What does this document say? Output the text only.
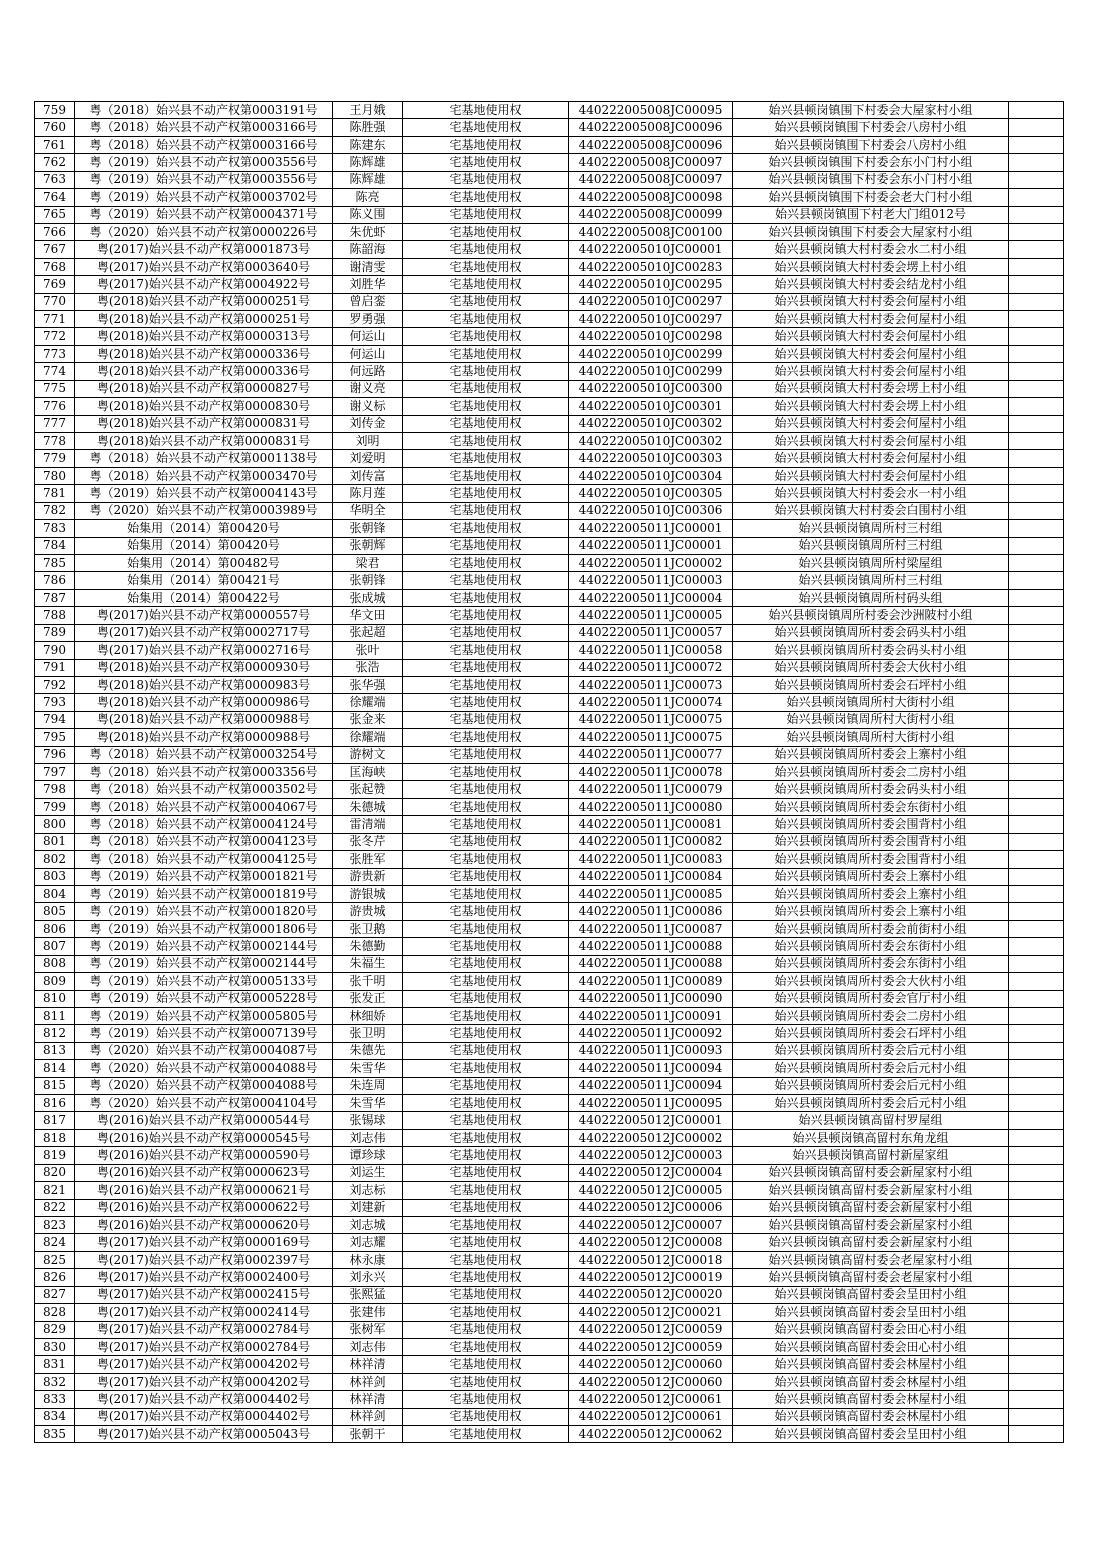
759	粤（2018）始兴县不动产权第0003191号	王月娥	宅基地使用权	440222005008JC00095	始兴县顿岗镇围下村委会大屋家村小组	
760	粤（2018）始兴县不动产权第0003166号	陈胜强	宅基地使用权	440222005008JC00096	始兴县顿岗镇围下村委会八房村小组	
761	粤（2018）始兴县不动产权第0003166号	陈建东	宅基地使用权	440222005008JC00096	始兴县顿岗镇围下村委会八房村小组	
762	粤（2019）始兴县不动产权第0003556号	陈辉雄	宅基地使用权	440222005008JC00097	始兴县顿岗镇围下村委会东小门村小组	
763	粤（2019）始兴县不动产权第0003556号	陈辉雄	宅基地使用权	440222005008JC00097	始兴县顿岗镇围下村委会东小门村小组	
764	粤（2019）始兴县不动产权第0003702号	陈亮	宅基地使用权	440222005008JC00098	始兴县顿岗镇围下村委会老大门村小组	
765	粤（2019）始兴县不动产权第0004371号	陈义围	宅基地使用权	440222005008JC00099	始兴县顿岗镇围下村老大门组012号	
766	粤（2020）始兴县不动产权第0000226号	朱优虾	宅基地使用权	440222005008JC00100	始兴县顿岗镇围下村委会大屋家村小组	
767	粤(2017)始兴县不动产权第0001873号	陈韶海	宅基地使用权	440222005010JC00001	始兴县顿岗镇大村村委会水二村小组	
768	粤(2017)始兴县不动产权第0003640号	谢清雯	宅基地使用权	440222005010JC00283	始兴县顿岗镇大村村委会塄上村小组	
769	粤(2017)始兴县不动产权第0004922号	刘胜华	宅基地使用权	440222005010JC00295	始兴县顿岗镇大村村委会结龙村小组	
770	粤(2018)始兴县不动产权第0000251号	曾启銮	宅基地使用权	440222005010JC00297	始兴县顿岗镇大村村委会何屋村小组	
771	粤(2018)始兴县不动产权第0000251号	罗勇强	宅基地使用权	440222005010JC00297	始兴县顿岗镇大村村委会何屋村小组	
772	粤(2018)始兴县不动产权第0000313号	何运山	宅基地使用权	440222005010JC00298	始兴县顿岗镇大村村委会何屋村小组	
773	粤(2018)始兴县不动产权第0000336号	何运山	宅基地使用权	440222005010JC00299	始兴县顿岗镇大村村委会何屋村小组	
774	粤(2018)始兴县不动产权第0000336号	何远路	宅基地使用权	440222005010JC00299	始兴县顿岗镇大村村委会何屋村小组	
775	粤(2018)始兴县不动产权第0000827号	谢义亮	宅基地使用权	440222005010JC00300	始兴县顿岗镇大村村委会塄上村小组	
776	粤(2018)始兴县不动产权第0000830号	谢义标	宅基地使用权	440222005010JC00301	始兴县顿岗镇大村村委会塄上村小组	
777	粤(2018)始兴县不动产权第0000831号	刘传金	宅基地使用权	440222005010JC00302	始兴县顿岗镇大村村委会何屋村小组	
778	粤(2018)始兴县不动产权第0000831号	刘明	宅基地使用权	440222005010JC00302	始兴县顿岗镇大村村委会何屋村小组	
779	粤（2018）始兴县不动产权第0001138号	刘爱明	宅基地使用权	440222005010JC00303	始兴县顿岗镇大村村委会何屋村小组	
780	粤（2018）始兴县不动产权第0003470号	刘传富	宅基地使用权	440222005010JC00304	始兴县顿岗镇大村村委会何屋村小组	
781	粤（2019）始兴县不动产权第0004143号	陈月莲	宅基地使用权	440222005010JC00305	始兴县顿岗镇大村村委会水一村小组	
782	粤（2020）始兴县不动产权第0003989号	华明全	宅基地使用权	440222005010JC00306	始兴县顿岗镇大村村委会白围村小组	
783	始集用（2014）第00420号	张朝锋	宅基地使用权	440222005011JC00001	始兴县顿岗镇周所村三村组	
784	始集用（2014）第00420号	张朝辉	宅基地使用权	440222005011JC00001	始兴县顿岗镇周所村三村组	
785	始集用（2014）第00482号	梁君	宅基地使用权	440222005011JC00002	始兴县顿岗镇周所村梁屋组	
786	始集用（2014）第00421号	张朝锋	宅基地使用权	440222005011JC00003	始兴县顿岗镇周所村三村组	
787	始集用（2014）第00422号	张成城	宅基地使用权	440222005011JC00004	始兴县顿岗镇周所村码头组	
788	粤(2017)始兴县不动产权第0000557号	华文田	宅基地使用权	440222005011JC00005	始兴县顿岗镇周所村委会沙洲陂村小组	
789	粤(2017)始兴县不动产权第0002717号	张起超	宅基地使用权	440222005011JC00057	始兴县顿岗镇周所村委会码头村小组	
790	粤(2017)始兴县不动产权第0002716号	张叶	宅基地使用权	440222005011JC00058	始兴县顿岗镇周所村委会码头村小组	
791	粤(2018)始兴县不动产权第0000930号	张浩	宅基地使用权	440222005011JC00072	始兴县顿岗镇周所村委会大伙村小组	
792	粤(2018)始兴县不动产权第0000983号	张华强	宅基地使用权	440222005011JC00073	始兴县顿岗镇周所村委会石坪村小组	
793	粤(2018)始兴县不动产权第0000986号	徐耀端	宅基地使用权	440222005011JC00074	始兴县顿岗镇周所村大街村小组	
794	粤(2018)始兴县不动产权第0000988号	张金来	宅基地使用权	440222005011JC00075	始兴县顿岗镇周所村大街村小组	
795	粤(2018)始兴县不动产权第0000988号	徐耀端	宅基地使用权	440222005011JC00075	始兴县顿岗镇周所村大街村小组	
796	粤（2018）始兴县不动产权第0003254号	游树文	宅基地使用权	440222005011JC00077	始兴县顿岗镇周所村委会上寨村小组	
797	粤（2018）始兴县不动产权第0003356号	匡海峡	宅基地使用权	440222005011JC00078	始兴县顿岗镇周所村委会二房村小组	
798	粤（2018）始兴县不动产权第0003502号	张起赞	宅基地使用权	440222005011JC00079	始兴县顿岗镇周所村委会码头村小组	
799	粤（2018）始兴县不动产权第0004067号	朱德城	宅基地使用权	440222005011JC00080	始兴县顿岗镇周所村委会东街村小组	
800	粤（2018）始兴县不动产权第0004124号	雷清端	宅基地使用权	440222005011JC00081	始兴县顿岗镇周所村委会围背村小组	
801	粤（2018）始兴县不动产权第0004123号	张冬芹	宅基地使用权	440222005011JC00082	始兴县顿岗镇周所村委会围背村小组	
802	粤（2018）始兴县不动产权第0004125号	张胜军	宅基地使用权	440222005011JC00083	始兴县顿岗镇周所村委会围背村小组	
803	粤（2019）始兴县不动产权第0001821号	游贵新	宅基地使用权	440222005011JC00084	始兴县顿岗镇周所村委会上寨村小组	
804	粤（2019）始兴县不动产权第0001819号	游银城	宅基地使用权	440222005011JC00085	始兴县顿岗镇周所村委会上寨村小组	
805	粤（2019）始兴县不动产权第0001820号	游贵城	宅基地使用权	440222005011JC00086	始兴县顿岗镇周所村委会上寨村小组	
806	粤（2019）始兴县不动产权第0001806号	张卫鹅	宅基地使用权	440222005011JC00087	始兴县顿岗镇周所村委会前街村小组	
807	粤（2019）始兴县不动产权第0002144号	朱德勤	宅基地使用权	440222005011JC00088	始兴县顿岗镇周所村委会东街村小组	
808	粤（2019）始兴县不动产权第0002144号	朱福生	宅基地使用权	440222005011JC00088	始兴县顿岗镇周所村委会东街村小组	
809	粤（2019）始兴县不动产权第0005133号	张千明	宅基地使用权	440222005011JC00089	始兴县顿岗镇周所村委会大伙村小组	
810	粤（2019）始兴县不动产权第0005228号	张发正	宅基地使用权	440222005011JC00090	始兴县顿岗镇周所村委会官厅村小组	
811	粤（2019）始兴县不动产权第0005805号	林细娇	宅基地使用权	440222005011JC00091	始兴县顿岗镇周所村委会二房村小组	
812	粤（2019）始兴县不动产权第0007139号	张卫明	宅基地使用权	440222005011JC00092	始兴县顿岗镇周所村委会石坪村小组	
813	粤（2020）始兴县不动产权第0004087号	朱德先	宅基地使用权	440222005011JC00093	始兴县顿岗镇周所村委会后元村小组	
814	粤（2020）始兴县不动产权第0004088号	朱雪华	宅基地使用权	440222005011JC00094	始兴县顿岗镇周所村委会后元村小组	
815	粤（2020）始兴县不动产权第0004088号	朱连周	宅基地使用权	440222005011JC00094	始兴县顿岗镇周所村委会后元村小组	
816	粤（2020）始兴县不动产权第0004104号	朱雪华	宅基地使用权	440222005011JC00095	始兴县顿岗镇周所村委会后元村小组	
817	粤(2016)始兴县不动产权第0000544号	张锡球	宅基地使用权	440222005012JC00001	始兴县顿岗镇高留村罗屋组	
818	粤(2016)始兴县不动产权第0000545号	刘志伟	宅基地使用权	440222005012JC00002	始兴县顿岗镇高留村东角龙组	
819	粤(2016)始兴县不动产权第0000590号	谭珍球	宅基地使用权	440222005012JC00003	始兴县顿岗镇高留村新屋家组	
820	粤(2016)始兴县不动产权第0000623号	刘运生	宅基地使用权	440222005012JC00004	始兴县顿岗镇高留村委会新屋家村小组	
821	粤(2016)始兴县不动产权第0000621号	刘志标	宅基地使用权	440222005012JC00005	始兴县顿岗镇高留村委会新屋家村小组	
822	粤(2016)始兴县不动产权第0000622号	刘建新	宅基地使用权	440222005012JC00006	始兴县顿岗镇高留村委会新屋家村小组	
823	粤(2016)始兴县不动产权第0000620号	刘志城	宅基地使用权	440222005012JC00007	始兴县顿岗镇高留村委会新屋家村小组	
824	粤(2017)始兴县不动产权第0000169号	刘志耀	宅基地使用权	440222005012JC00008	始兴县顿岗镇高留村委会新屋家村小组	
825	粤(2017)始兴县不动产权第0002397号	林永康	宅基地使用权	440222005012JC00018	始兴县顿岗镇高留村委会老屋家村小组	
826	粤(2017)始兴县不动产权第0002400号	刘永兴	宅基地使用权	440222005012JC00019	始兴县顿岗镇高留村委会老屋家村小组	
827	粤(2017)始兴县不动产权第0002415号	张熙猛	宅基地使用权	440222005012JC00020	始兴县顿岗镇高留村委会呈田村小组	
828	粤(2017)始兴县不动产权第0002414号	张建伟	宅基地使用权	440222005012JC00021	始兴县顿岗镇高留村委会呈田村小组	
829	粤(2017)始兴县不动产权第0002784号	张树军	宅基地使用权	440222005012JC00059	始兴县顿岗镇高留村委会田心村小组	
830	粤(2017)始兴县不动产权第0002784号	刘志伟	宅基地使用权	440222005012JC00059	始兴县顿岗镇高留村委会田心村小组	
831	粤(2017)始兴县不动产权第0004202号	林祥清	宅基地使用权	440222005012JC00060	始兴县顿岗镇高留村委会林屋村小组	
832	粤(2017)始兴县不动产权第0004202号	林祥剑	宅基地使用权	440222005012JC00060	始兴县顿岗镇高留村委会林屋村小组	
833	粤(2017)始兴县不动产权第0004402号	林祥清	宅基地使用权	440222005012JC00061	始兴县顿岗镇高留村委会林屋村小组	
834	粤(2017)始兴县不动产权第0004402号	林祥剑	宅基地使用权	440222005012JC00061	始兴县顿岗镇高留村委会林屋村小组	
835	粤(2017)始兴县不动产权第0005043号	张朝干	宅基地使用权	440222005012JC00062	始兴县顿岗镇高留村委会呈田村小组	
